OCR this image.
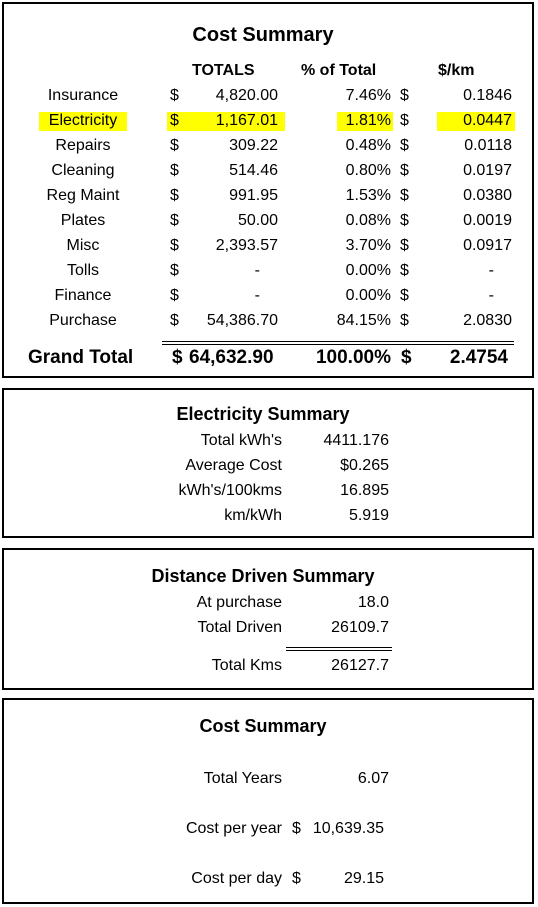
Cost Summary
TOTALS	% of Total	$/km
Insurance	$	4,820.00	7.46% $	0.1846
Electricity	$	1,167.01	1.81% $	0.0447
Repairs	$	309.22	0.48% $	0.0118
Cleaning	$	514.46	0.80% $	0.0197
Reg Maint	$	991.95	1.53% $	0.0380
Plates	$	50.00	0.08% $	0.0019
Misc	$	2,393.57	3.70% $	0.0917
Tolls	$	-	0.00% $	-
Finance	$	-	0.00% $	-
Purchase	$	54,386.70	84.15% $	2.0830
Grand Total $ 64,632.90	100.00% $	2.4754
Electricity Summary
Total kWh's	4411.176
Average Cost	$0.265
kWh's/100kms	16.895
km/kWh	5.919
Distance Driven Summary
At purchase	18.0
Total Driven	26109.7
Total Kms	26127.7
Cost Summary
Total Years	6.07
Cost per year $ 10,639.35
Cost per day $	29.15
